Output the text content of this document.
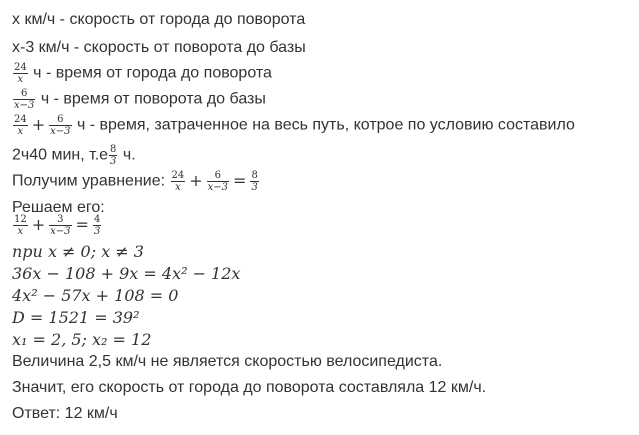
x км/ч - скорость от города до поворота
x-3 км/ч - скорость от поворота до базы
$\frac{24}{x}$ ч - время от города до поворота
$\frac{6}{x-3}$ ч - время от поворота до базы
$\frac{24}{x} + \frac{6}{x-3}$ ч - время, затраченное на весь путь, котрое по условию составило
2ч40 мин, $т.е \frac{8}{3} ч$.
Получим уравнение: $\frac{24}{x} + \frac{6}{x-3} = \frac{8}{3}$
Решаем его:
$\frac{12}{x} + \frac{3}{x-3} = \frac{4}{3}$
при x ≠ 0; x ≠ 3
36x − 108 + 9x = 4x² − 12x
4x² − 57x + 108 = 0
D = 1521 = 39²
x₁ = 2, 5; x₂ = 12
Величина 2,5 км/ч не является скоростью велосипедиста.
Значит, его скорость от города до поворота составляла 12 км/ч.
Ответ: 12 км/ч
